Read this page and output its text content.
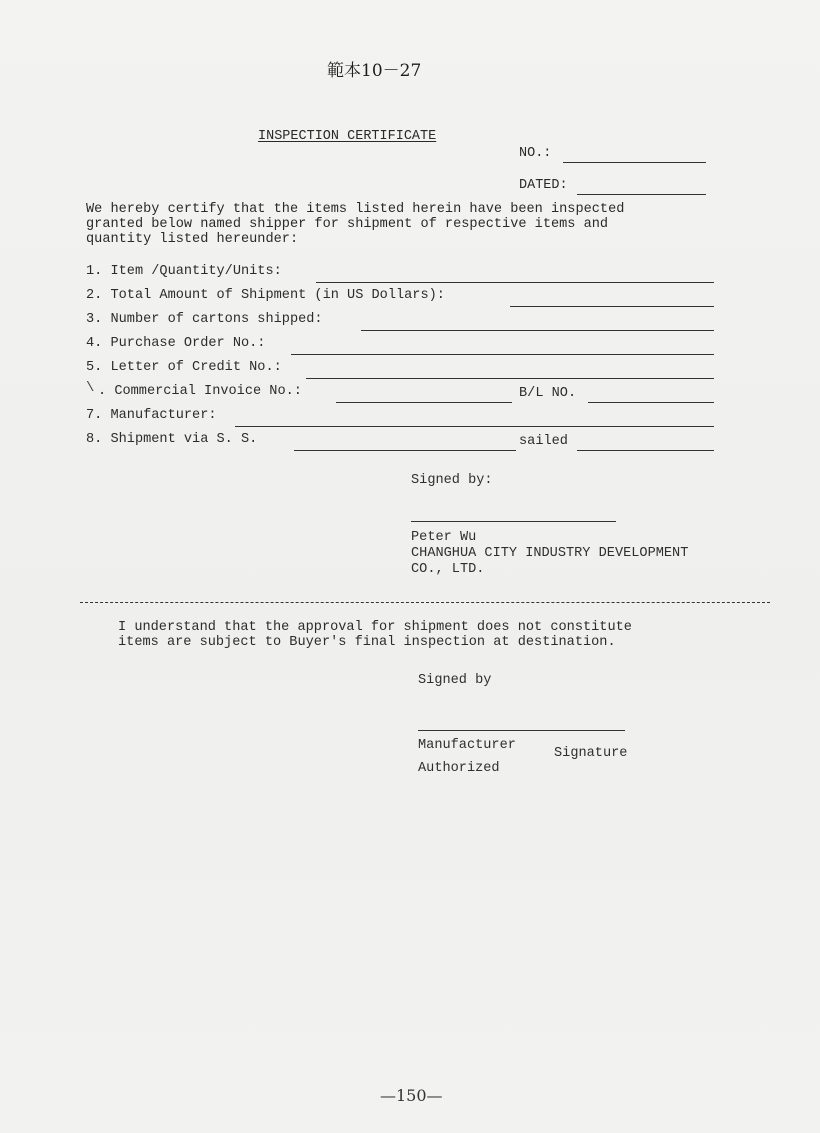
範本10－27
INSPECTION CERTIFICATE
NO.:
DATED:
We hereby certify that the items listed herein have been inspected
granted below named shipper for shipment of respective items and
quantity listed hereunder:
1. Item /Quantity/Units:
2. Total Amount of Shipment (in US Dollars):
3. Number of cartons shipped:
4. Purchase Order No.:
5. Letter of Credit No.:
\ . Commercial Invoice No.:	B/L NO.
7. Manufacturer:
8. Shipment via S. S.	sailed
Signed by:
Peter Wu
CHANGHUA CITY INDUSTRY DEVELOPMENT
CO., LTD.
I understand that the approval for shipment does not constitute
items are subject to Buyer's final inspection at destination.
Signed by
Manufacturer
Signature
Authorized
—150—
